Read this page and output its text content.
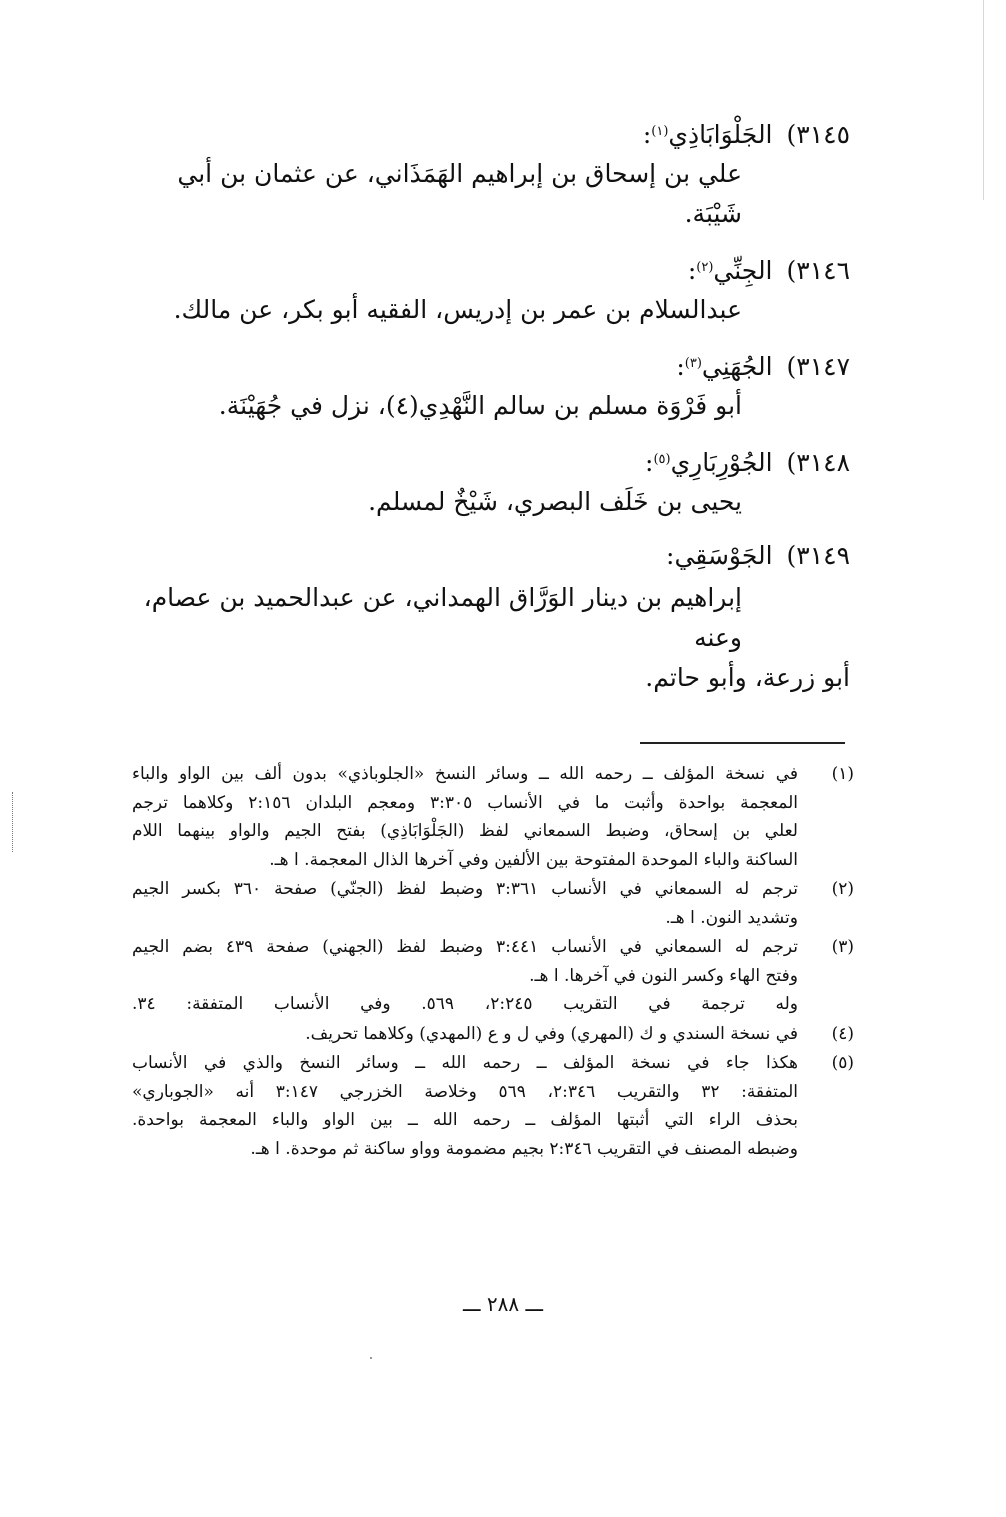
٣١٤٥)الجَلْوَابَاذِي$^{(١)}$:
علي بن إسحاق بن إبراهيم الهَمَذَاني، عن عثمان بن أبي شَيْبَة.
٣١٤٦)الجِنِّي$^{(٢)}$:
عبدالسلام بن عمر بن إدريس، الفقيه أبو بكر، عن مالك.
٣١٤٧)الجُهَنِي$^{(٣)}$:
أبو فَرْوَة مسلم بن سالم النَّهْدِي(٤)، نزل في جُهَيْنَة.
٣١٤٨)الجُوْرِبَارِي$^{(٥)}$:
يحيى بن خَلَف البصري، شَيْخٌ لمسلم.
٣١٤٩)الجَوْسَقِي:
إبراهيم بن دينار الوَرَّاق الهمداني، عن عبدالحميد بن عصام، وعنه
أبو زرعة، وأبو حاتم.
(١)
في نسخة المؤلف ــ رحمه الله ــ وسائر النسخ «الجلوباذي» بدون ألف بين الواو والباء
المعجمة بواحدة وأثبت ما في الأنساب ٣:٣٠٥ ومعجم البلدان ٢:١٥٦ وكلاهما ترجم
لعلي بن إسحاق، وضبط السمعاني لفظ (الجَلْوَابَاذِي) بفتح الجيم والواو بينهما اللام
الساكنة والباء الموحدة المفتوحة بين الألفين وفي آخرها الذال المعجمة. ا هـ.
(٢)
ترجم له السمعاني في الأنساب ٣:٣٦١ وضبط لفظ (الجنّي) صفحة ٣٦٠ بكسر الجيم
وتشديد النون. ا هـ.
(٣)
ترجم له السمعاني في الأنساب ٣:٤٤١ وضبط لفظ (الجهني) صفحة ٤٣٩ بضم الجيم
وفتح الهاء وكسر النون في آخرها. ا هـ.
وله ترجمة في التقريب ٢:٢٤٥، ٥٦٩. وفي الأنساب المتفقة: ٣٤.
(٤)
في نسخة السندي و ك (المهري) وفي ل و ع (المهدي) وكلاهما تحريف.
(٥)
هكذا جاء في نسخة المؤلف ــ رحمه الله ــ وسائر النسخ والذي في الأنساب
المتفقة: ٣٢ والتقريب ٢:٣٤٦، ٥٦٩ وخلاصة الخزرجي ٣:١٤٧ أنه «الجوباري»
بحذف الراء التي أثبتها المؤلف ــ رحمه الله ــ بين الواو والباء المعجمة بواحدة.
وضبطه المصنف في التقريب ٢:٣٤٦ بجيم مضمومة وواو ساكنة ثم موحدة. ا هـ.
ـــ ٢٨٨ ـــ
